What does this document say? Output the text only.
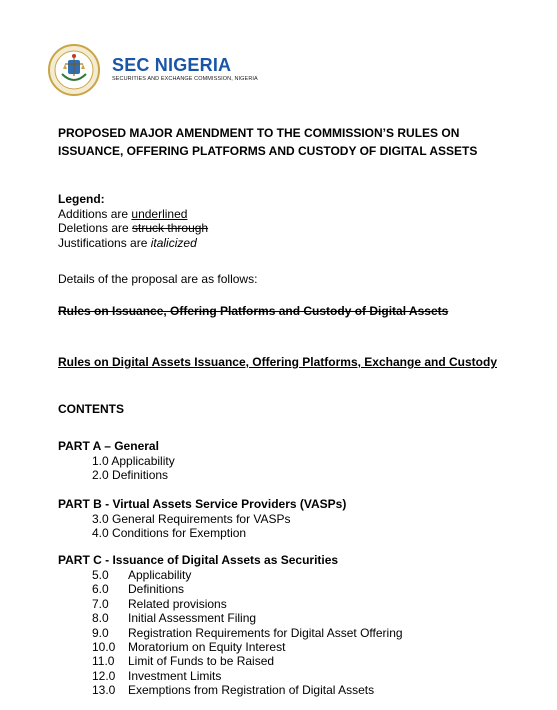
SEC NIGERIA
SECURITIES AND EXCHANGE COMMISSION, NIGERIA
PROPOSED MAJOR AMENDMENT TO THE COMMISSION’S RULES ON
ISSUANCE, OFFERING PLATFORMS AND CUSTODY OF DIGITAL ASSETS
Legend:
Additions are underlined
Deletions are struck through
Justifications are italicized
Details of the proposal are as follows:
Rules on Issuance, Offering Platforms and Custody of Digital Assets
Rules on Digital Assets Issuance, Offering Platforms, Exchange and Custody
CONTENTS
PART A – General
1.0 Applicability
2.0 Definitions
PART B - Virtual Assets Service Providers (VASPs)
3.0 General Requirements for VASPs
4.0 Conditions for Exemption
PART C - Issuance of Digital Assets as Securities
5.0 Applicability
6.0 Definitions
7.0 Related provisions
8.0 Initial Assessment Filing
9.0 Registration Requirements for Digital Asset Offering
10.0 Moratorium on Equity Interest
11.0 Limit of Funds to be Raised
12.0 Investment Limits
13.0 Exemptions from Registration of Digital Assets
